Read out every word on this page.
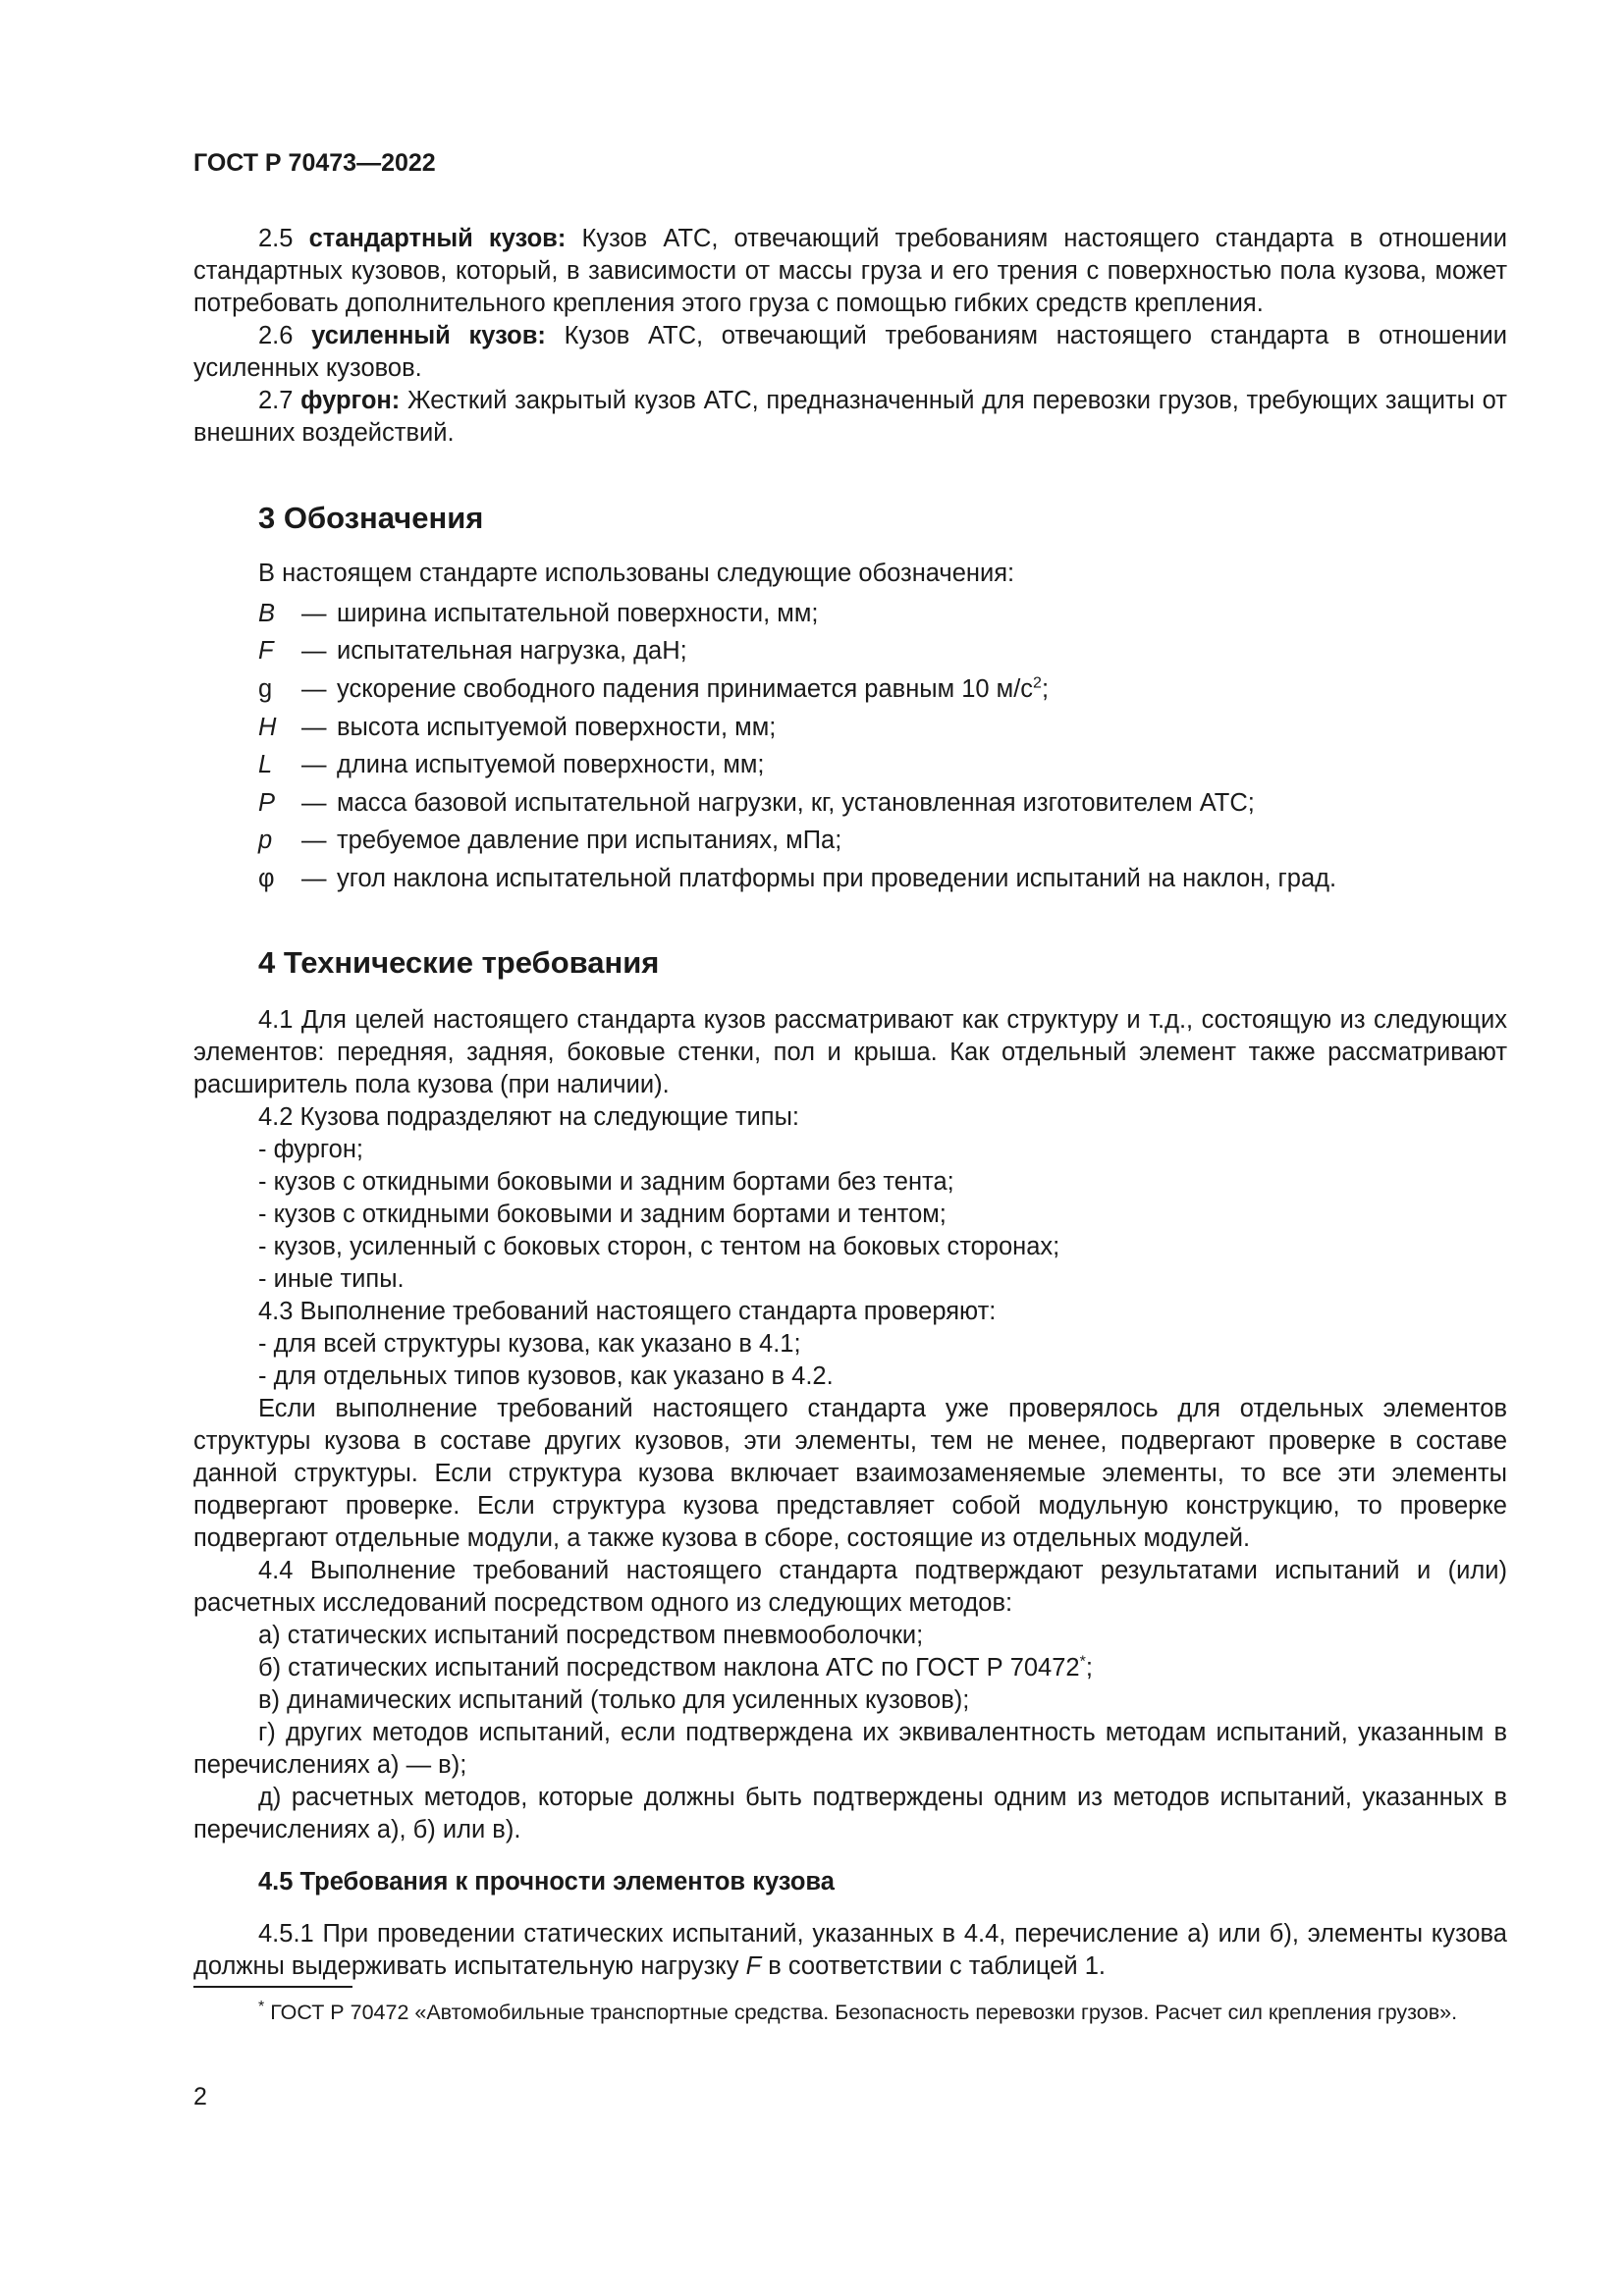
ГОСТ Р 70473—2022

2.5 стандартный кузов: Кузов АТС, отвечающий требованиям настоящего стандарта в отношении стандартных кузовов, который, в зависимости от массы груза и его трения с поверхностью пола кузова, может потребовать дополнительного крепления этого груза с помощью гибких средств крепления.

2.6 усиленный кузов: Кузов АТС, отвечающий требованиям настоящего стандарта в отношении усиленных кузовов.

2.7 фургон: Жесткий закрытый кузов АТС, предназначенный для перевозки грузов, требующих защиты от внешних воздействий.

3 Обозначения

В настоящем стандарте использованы следующие обозначения:

B	— ширина испытательной поверхности, мм;
F	— испытательная нагрузка, даН;
g	— ускорение свободного падения принимается равным 10 $м/с^2$;
H	— высота испытуемой поверхности, мм;
L	— длина испытуемой поверхности, мм;
P	— масса базовой испытательной нагрузки, кг, установленная изготовителем АТС;
p	— требуемое давление при испытаниях, мПа;
φ	— угол наклона испытательной платформы при проведении испытаний на наклон, град.
4 Технические требования

4.1 Для целей настоящего стандарта кузов рассматривают как структуру и т.д., состоящую из следующих элементов: передняя, задняя, боковые стенки, пол и крыша. Как отдельный элемент также рассматривают расширитель пола кузова (при наличии).

4.2 Кузова подразделяют на следующие типы:

- фургон;

- кузов с откидными боковыми и задним бортами без тента;

- кузов с откидными боковыми и задним бортами и тентом;

- кузов, усиленный с боковых сторон, с тентом на боковых сторонах;

- иные типы.

4.3 Выполнение требований настоящего стандарта проверяют:

- для всей структуры кузова, как указано в 4.1;

- для отдельных типов кузовов, как указано в 4.2.

Если выполнение требований настоящего стандарта уже проверялось для отдельных элементов структуры кузова в составе других кузовов, эти элементы, тем не менее, подвергают проверке в составе данной структуры. Если структура кузова включает взаимозаменяемые элементы, то все эти элементы подвергают проверке. Если структура кузова представляет собой модульную конструкцию, то проверке подвергают отдельные модули, а также кузова в сборе, состоящие из отдельных модулей.

4.4 Выполнение требований настоящего стандарта подтверждают результатами испытаний и (или) расчетных исследований посредством одного из следующих методов:

а) статических испытаний посредством пневмооболочки;

б) статических испытаний посредством наклона АТС по ГОСТ Р 70472*;

в) динамических испытаний (только для усиленных кузовов);

г) других методов испытаний, если подтверждена их эквивалентность методам испытаний, указанным в перечислениях а) — в);

д) расчетных методов, которые должны быть подтверждены одним из методов испытаний, указанных в перечислениях а), б) или в).

4.5 Требования к прочности элементов кузова

4.5.1 При проведении статических испытаний, указанных в 4.4, перечисление а) или б), элементы кузова должны выдерживать испытательную нагрузку F в соответствии с таблицей 1.

* ГОСТ Р 70472 «Автомобильные транспортные средства. Безопасность перевозки грузов. Расчет сил крепления грузов».

2
